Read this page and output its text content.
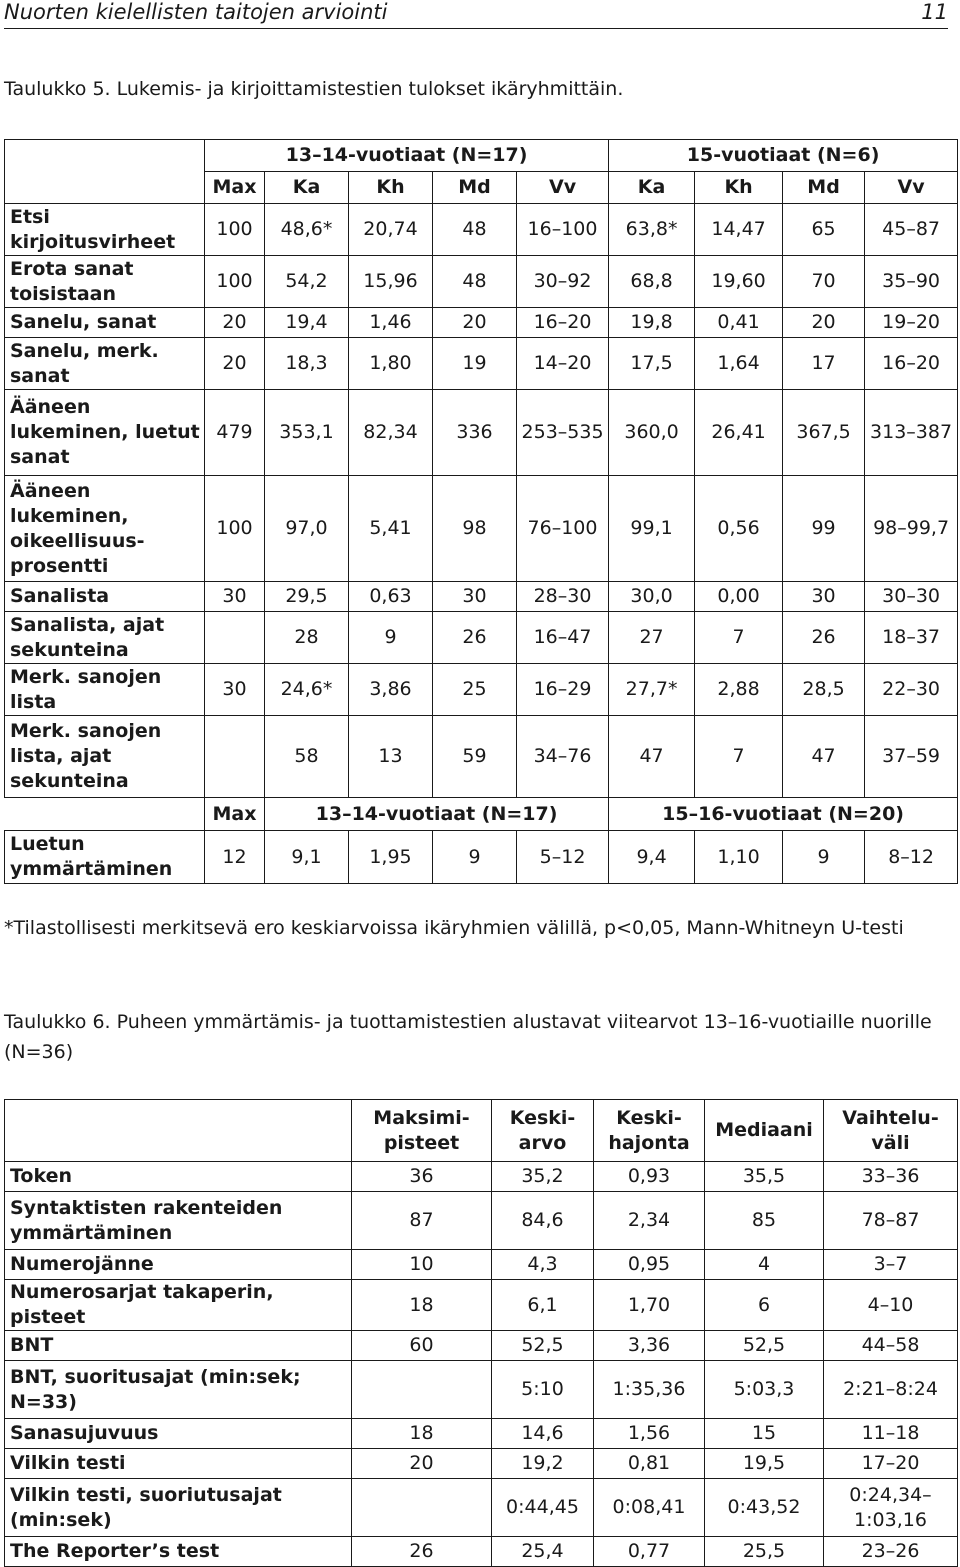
Nuorten kielellisten taitojen arviointi	11
Taulukko 5. Lukemis- ja kirjoittamistestien tulokset ikäryhmittäin.
	13–14-vuotiaat (N=17)					15-vuotiaat (N=6)			
	Max	Ka	Kh	Md	Vv	Ka	Kh	Md	Vv
Etsi kirjoitusvirheet	100	48,6*	20,74	48	16–100	63,8*	14,47	65	45–87
Erota sanat toisistaan	100	54,2	15,96	48	30–92	68,8	19,60	70	35–90
Sanelu, sanat	20	19,4	1,46	20	16–20	19,8	0,41	20	19–20
Sanelu, merk. sanat	20	18,3	1,80	19	14–20	17,5	1,64	17	16–20
Ääneen lukeminen, luetut sanat	479	353,1	82,34	336	253–535	360,0	26,41	367,5	313–387
Ääneen lukeminen, oikeellisuus-prosentti	100	97,0	5,41	98	76–100	99,1	0,56	99	98–99,7
Sanalista	30	29,5	0,63	30	28–30	30,0	0,00	30	30–30
Sanalista, ajat sekunteina		28	9	26	16–47	27	7	26	18–37
Merk. sanojen lista	30	24,6*	3,86	25	16–29	27,7*	2,88	28,5	22–30
Merk. sanojen lista, ajat sekunteina		58	13	59	34–76	47	7	47	37–59
	Max	13–14-vuotiaat (N=17)				15–16-vuotiaat (N=20)			
Luetun ymmärtäminen	12	9,1	1,95	9	5–12	9,4	1,10	9	8–12
*Tilastollisesti merkitsevä ero keskiarvoissa ikäryhmien välillä, p<0,05, Mann-Whitneyn U-testi
Taulukko 6. Puheen ymmärtämis- ja tuottamistestien alustavat viitearvot 13–16-vuotiaille nuorille (N=36)
	Maksimi-pisteet	Keski-arvo	Keski-hajonta	Mediaani	Vaihtelu-väli
Token	36	35,2	0,93	35,5	33–36
Syntaktisten rakenteiden ymmärtäminen	87	84,6	2,34	85	78–87
Numerojänne	10	4,3	0,95	4	3–7
Numerosarjat takaperin, pisteet	18	6,1	1,70	6	4–10
BNT	60	52,5	3,36	52,5	44–58
BNT, suoritusajat (min:sek; N=33)		5:10	1:35,36	5:03,3	2:21–8:24
Sanasujuvuus	18	14,6	1,56	15	11–18
Vilkin testi	20	19,2	0,81	19,5	17–20
Vilkin testi, suoriutusajat (min:sek)		0:44,45	0:08,41	0:43,52	0:24,34–1:03,16
The Reporter’s test	26	25,4	0,77	25,5	23–26
